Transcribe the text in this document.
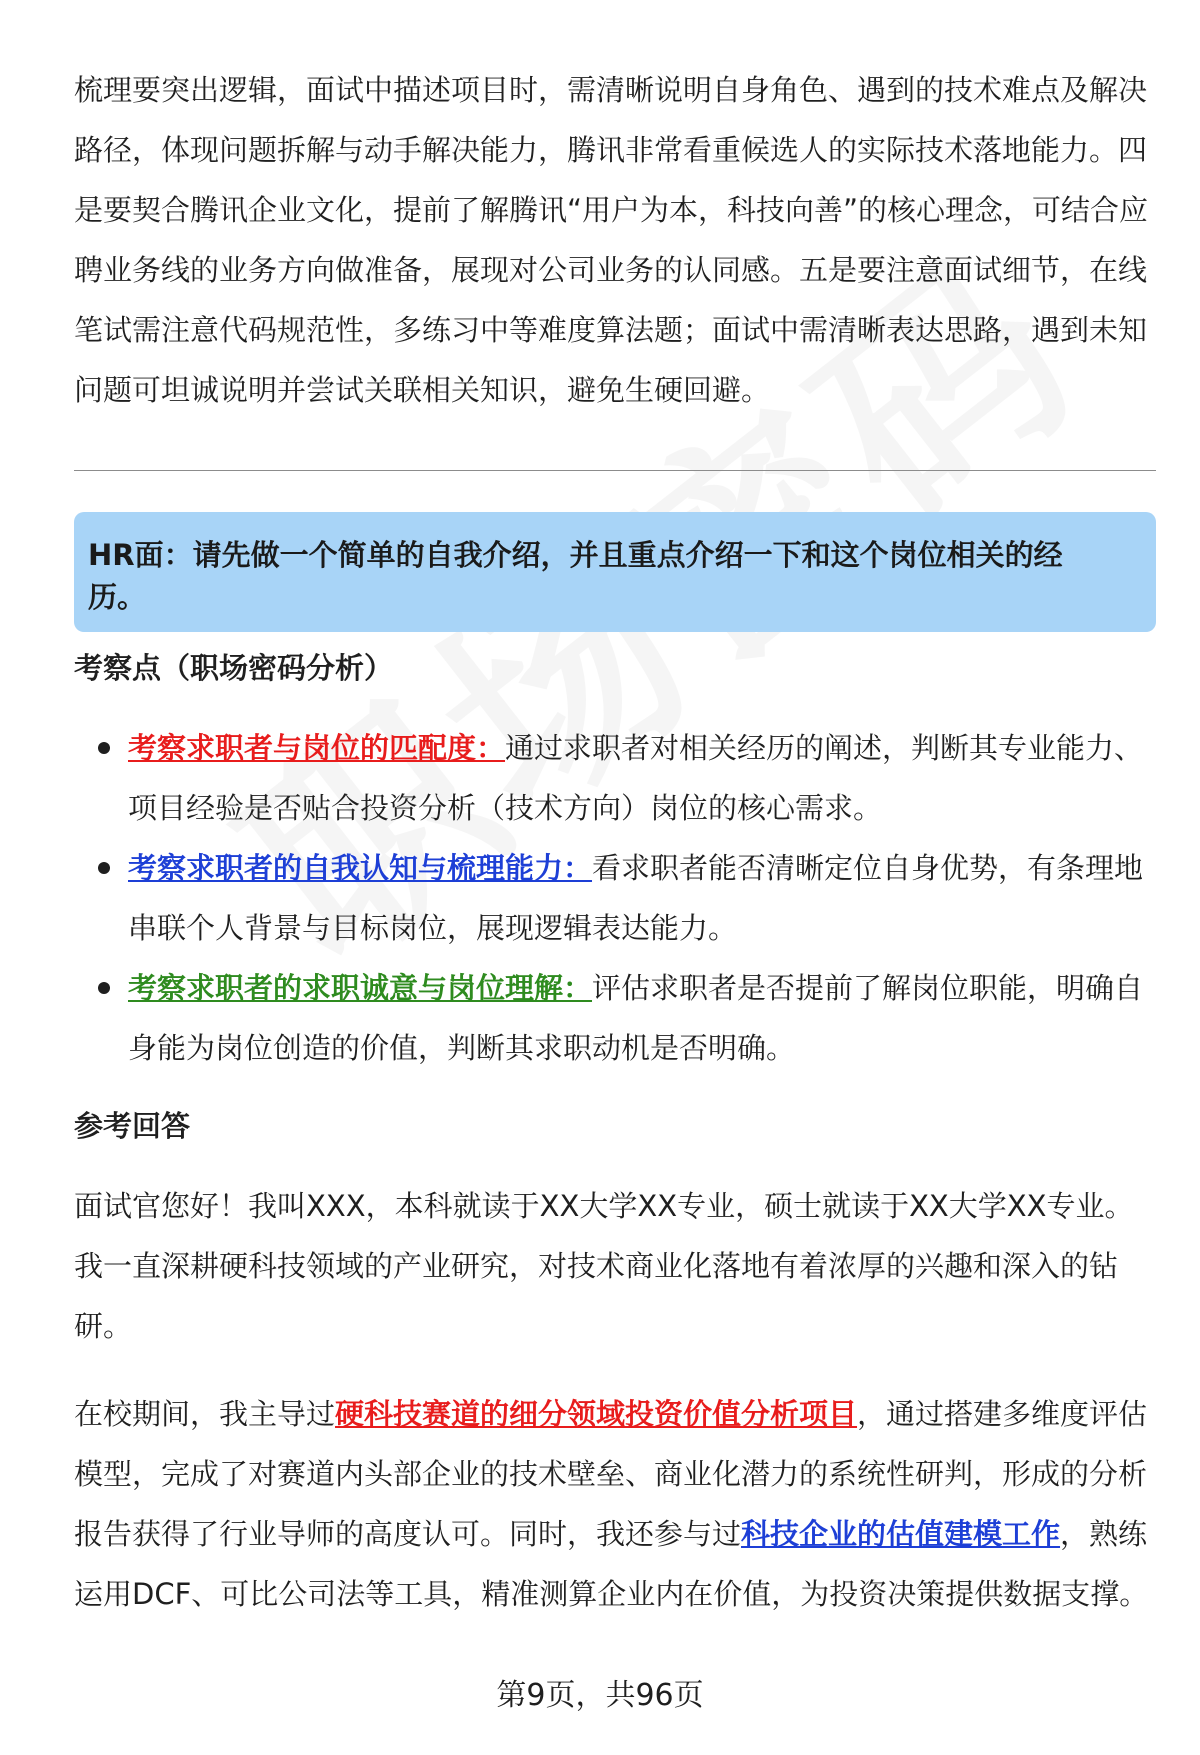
梳理要突出逻辑，面试中描述项目时，需清晰说明自身角色、遇到的技术难点及解决路径，体现问题拆解与动手解决能力，腾讯非常看重候选人的实际技术落地能力。四是要契合腾讯企业文化，提前了解腾讯“用户为本，科技向善”的核心理念，可结合应聘业务线的业务方向做准备，展现对公司业务的认同感。五是要注意面试细节，在线笔试需注意代码规范性，多练习中等难度算法题；面试中需清晰表达思路，遇到未知问题可坦诚说明并尝试关联相关知识，避免生硬回避。

HR面：请先做一个简单的自我介绍，并且重点介绍一下和这个岗位相关的经历。
考察点（职场密码分析）
考察求职者与岗位的匹配度：通过求职者对相关经历的阐述，判断其专业能力、项目经验是否贴合投资分析（技术方向）岗位的核心需求。
考察求职者的自我认知与梳理能力：看求职者能否清晰定位自身优势，有条理地串联个人背景与目标岗位，展现逻辑表达能力。
考察求职者的求职诚意与岗位理解：评估求职者是否提前了解岗位职能，明确自身能为岗位创造的价值，判断其求职动机是否明确。
参考回答

面试官您好！我叫XXX，本科就读于XX大学XX专业，硕士就读于XX大学XX专业。我一直深耕硬科技领域的产业研究，对技术商业化落地有着浓厚的兴趣和深入的钻研。

在校期间，我主导过硬科技赛道的细分领域投资价值分析项目，通过搭建多维度评估模型，完成了对赛道内头部企业的技术壁垒、商业化潜力的系统性研判，形成的分析报告获得了行业导师的高度认可。同时，我还参与过科技企业的估值建模工作，熟练运用DCF、可比公司法等工具，精准测算企业内在价值，为投资决策提供数据支撑。

第9页，共96页
